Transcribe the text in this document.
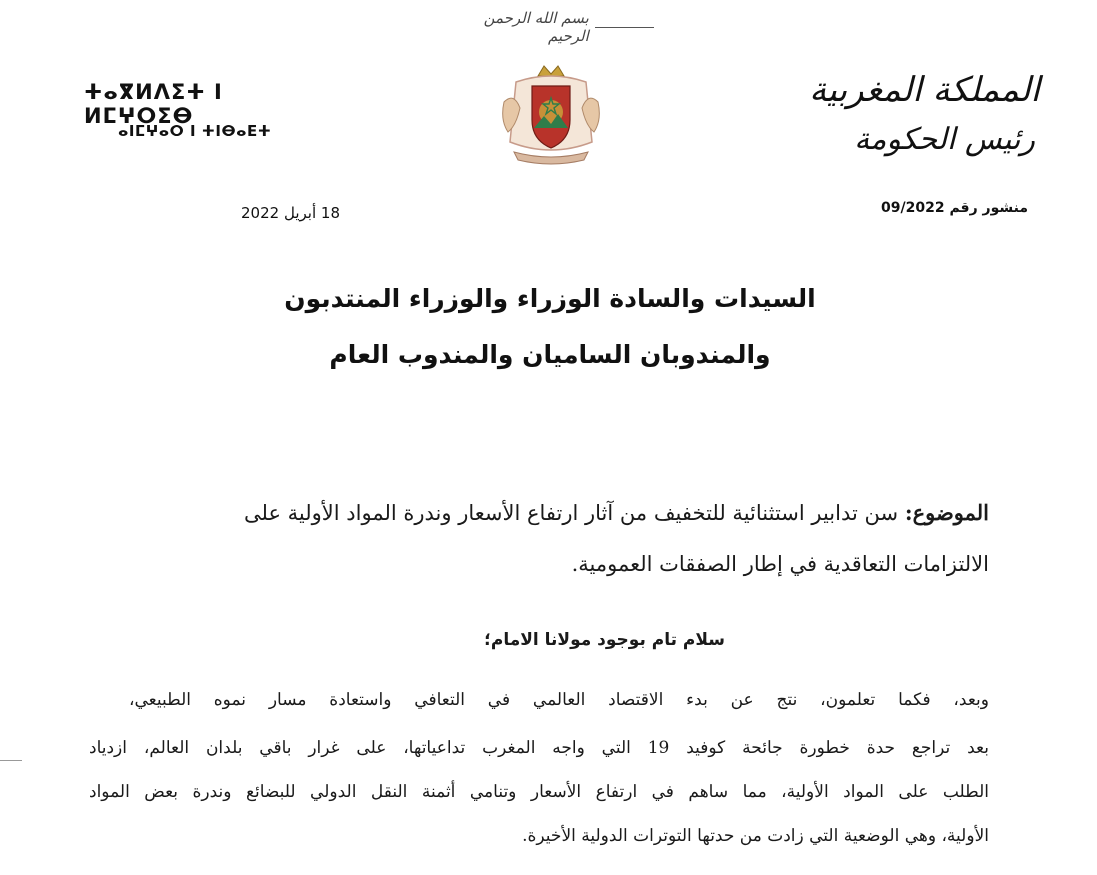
بسم الله الرحمن الرحيم
ⵜⴰⴳⵍⴷⵉⵜ ⵏ ⵍⵎⵖⵔⵉⴱ
ⴰⵏⵎⵖⴰⵔ ⵏ ⵜⵏⴱⴰⴹⵜ
المملكة المغربية
رئيس الحكومة
18 أبريل 2022	منشور رقم 09/2022
السيدات والسادة الوزراء والوزراء المنتدبون
والمندوبان الساميان والمندوب العام
الموضوع: سن تدابير استثنائية للتخفيف من آثار ارتفاع الأسعار وندرة المواد الأولية على
الالتزامات التعاقدية في إطار الصفقات العمومية.
سلام تام بوجود مولانا الامام؛
وبعد، فكما تعلمون، نتج عن بدء الاقتصاد العالمي في التعافي واستعادة مسار نموه الطبيعي،
بعد تراجع حدة خطورة جائحة كوفيد 19 التي واجه المغرب تداعياتها، على غرار باقي بلدان العالم، ازدياد
الطلب على المواد الأولية، مما ساهم في ارتفاع الأسعار وتنامي أثمنة النقل الدولي للبضائع وندرة بعض المواد
الأولية، وهي الوضعية التي زادت من حدتها التوترات الدولية الأخيرة.
